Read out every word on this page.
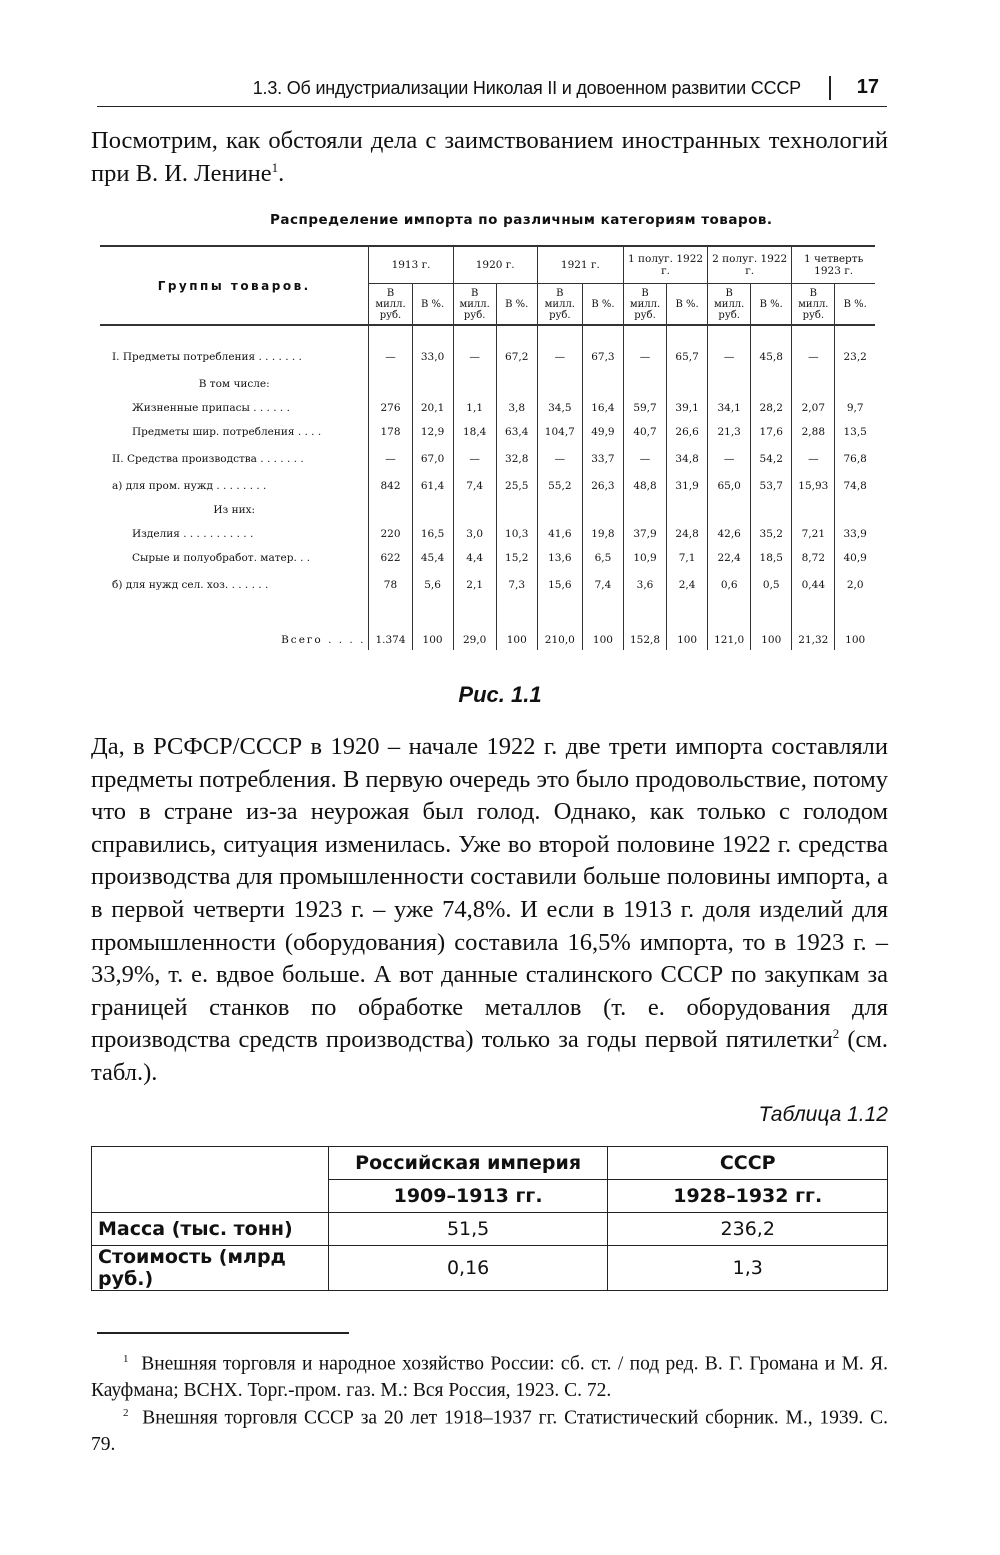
1.3. Об индустриализации Николая II и довоенном развитии СССР	17
Посмотрим, как обстояли дела с заимствованием иностранных технологий при В. И. Ленине$^1$.
Распределение импорта по различным категориям товаров.
Группы товаров.	1913 г.		1920 г.		1921 г.		1 полуг. 1922 г.		2 полуг. 1922 г.		1 четверть 1923 г.	
	В милл. руб.	В %.	В милл. руб.	В %.	В милл. руб.	В %.	В милл. руб.	В %.	В милл. руб.	В %.	В милл. руб.	В %.

I. Предметы потребления . . . . . . .	—	33,0	—	67,2	—	67,3	—	65,7	—	45,8	—	23,2
В том числе:												
Жизненные припасы . . . . . .	276	20,1	1,1	3,8	34,5	16,4	59,7	39,1	34,1	28,2	2,07	9,7
Предметы шир. потребления . . . .	178	12,9	18,4	63,4	104,7	49,9	40,7	26,6	21,3	17,6	2,88	13,5
II. Средства производства . . . . . . .	—	67,0	—	32,8	—	33,7	—	34,8	—	54,2	—	76,8
а) для пром. нужд . . . . . . . .	842	61,4	7,4	25,5	55,2	26,3	48,8	31,9	65,0	53,7	15,93	74,8
Из них:												
Изделия . . . . . . . . . . .	220	16,5	3,0	10,3	41,6	19,8	37,9	24,8	42,6	35,2	7,21	33,9
Сырые и полуобработ. матер. . .	622	45,4	4,4	15,2	13,6	6,5	10,9	7,1	22,4	18,5	8,72	40,9
б) для нужд сел. хоз. . . . . . .	78	5,6	2,1	7,3	15,6	7,4	3,6	2,4	0,6	0,5	0,44	2,0
Всего . . . .	1.374	100	29,0	100	210,0	100	152,8	100	121,0	100	21,32	100
Рис. 1.1
Да, в РСФСР/СССР в 1920 – начале 1922 г. две трети импорта составляли предметы потребления. В первую очередь это было продовольствие, потому что в стране из-за неурожая был голод. Однако, как только с голодом справились, ситуация изменилась. Уже во второй половине 1922 г. средства производства для промышленности составили больше половины импорта, а в первой четверти 1923 г. – уже 74,8%. И если в 1913 г. доля изделий для промышленности (оборудования) составила 16,5% импорта, то в 1923 г. – 33,9%, т. е. вдвое больше. А вот данные сталинского СССР по закупкам за границей станков по обработке металлов (т. е. оборудования для производства средств производства) только за годы первой пятилетки$^2$ (см. табл.).
Таблица 1.12
	Российская империя	СССР
	1909–1913 гг.	1928–1932 гг.
Масса (тыс. тонн)	51,5	236,2
Стоимость (млрд руб.)	0,16	1,3
$^1$ Внешняя торговля и народное хозяйство России: сб. ст. / под ред. В. Г. Громана и М. Я. Кауфмана; ВСНХ. Торг.-пром. газ. М.: Вся Россия, 1923. С. 72.
$^2$ Внешняя торговля СССР за 20 лет 1918–1937 гг. Статистический сборник. М., 1939. С. 79.
